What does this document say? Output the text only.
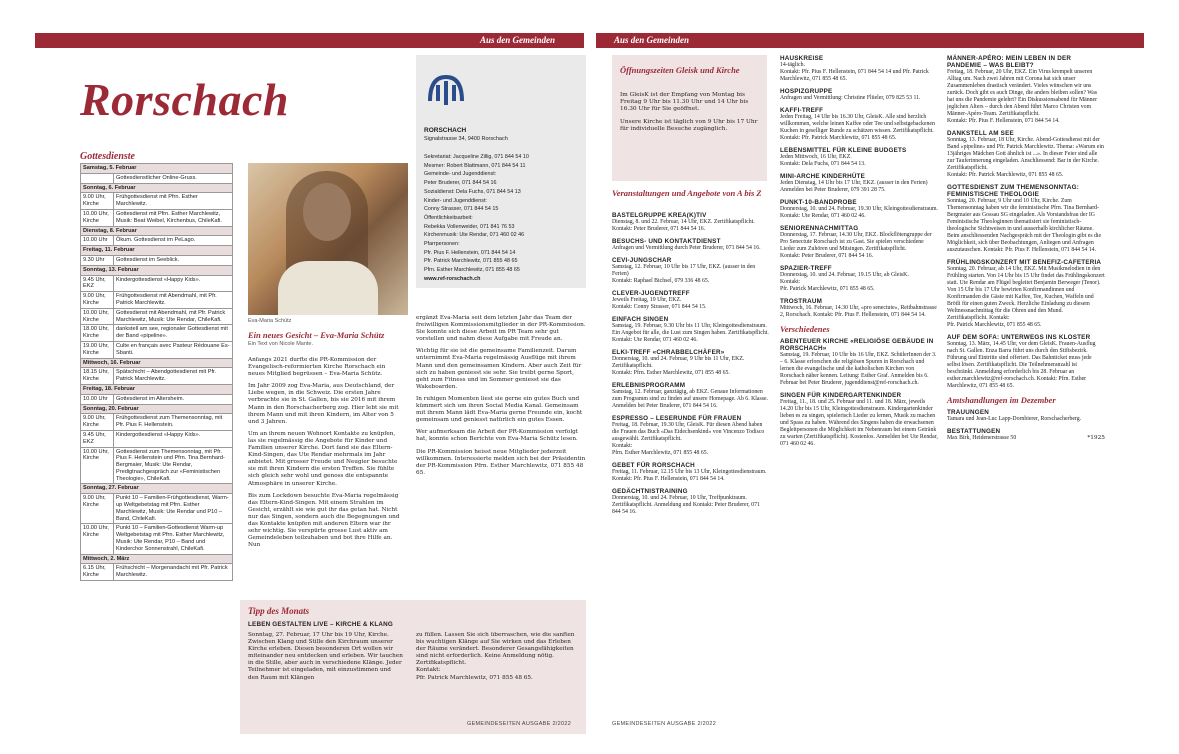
Aus den Gemeinden	Aus den Gemeinden
Rorschach
Gottesdienste
Samstag, 5. Februar	
	Gottesdienstlicher Online-Gruss.
Sonntag, 6. Februar	
9.00 Uhr, Kirche	Frühgottesdienst mit Pfrn. Esther Marchlewitz.
10.00 Uhr, Kirche	Gottesdienst mit Pfrn. Esther Marchlewitz, Musik: Beat Weibel, Kirchenbus, ChileKafi.
Dienstag, 8. Februar	
10.00 Uhr	Ökum. Gottesdienst im PeLago.
Freitag, 11. Februar	
9.30 Uhr	Gottesdienst im Seeblick.
Sonntag, 13. Februar	
9.45 Uhr, EKZ	Kindergottesdienst «Happy Kids».
9.00 Uhr, Kirche	Frühgottesdienst mit Abendmahl, mit Pfr. Patrick Marchlewitz.
10.00 Uhr, Kirche	Gottesdienst mit Abendmahl, mit Pfr. Patrick Marchlewitz, Musik: Ute Rendar, ChileKafi.
18.00 Uhr, Kirche	dankstell am see, regionaler Gottesdienst mit der Band «pipeline».
19.00 Uhr, Kirche	Culte en français avec Pasteur Rédouane Es-Sbanti.
Mittwoch, 16. Februar	
18.15 Uhr, Kirche	Spätschicht – Abendgottesdienst mit Pfr. Patrick Marchlewitz.
Freitag, 18. Februar	
10.00 Uhr	Gottesdienst im Altersheim.
Sonntag, 20. Februar	
9.00 Uhr, Kirche	Frühgottesdienst zum Themensonntag, mit Pfr. Pius F. Hellenstein.
9.45 Uhr, EKZ	Kindergottesdienst «Happy Kids».
10.00 Uhr, Kirche	Gottesdienst zum Themensonntag, mit Pfr. Pius F. Hellenstein und Pfrn. Tina Bernhard-Bergmaier, Musik: Ute Rendar, Predigtnachgespräch zur «Feministischen Theologie», ChileKafi.
Sonntag, 27. Februar	
9.00 Uhr, Kirche	Punkt 10 – Familien-Frühgottesdienst, Warm-up Weltgebetstag mit Pfrn. Esther Marchlewitz, Musik: Ute Rendar und P10 – Band, ChileKafi.
10.00 Uhr, Kirche	Punkt 10 – Familien-Gottesdienst Warm-up Weltgebetstag mit Pfrn. Esther Marchlewitz, Musik: Ute Rendar, P10 – Band und Kinderchor Sonnenstrahl, ChileKafi.
Mittwoch, 2. März	
6.15 Uhr, Kirche	Frühschicht – Morgenandacht mit Pfr. Patrick Marchlewitz.
Eva-Maria Schütz
RORSCHACH
Signalstrasse 34, 9400 Rorschach
Sekretariat: Jacqueline Zillig, 071 844 54 10
Mesmer: Robert Blattmann, 071 844 54 11
Gemeinde- und Jugenddienst:
Peter Bruderer, 071 844 54 16
Sozialdienst: Dela Fuchs, 071 844 54 13
Kinder- und Jugenddienst:
Conny Strasser, 071 844 54 15
Öffentlichkeitsarbeit:
Rebekka Vollenweider, 071 841 76 53
Kirchenmusik: Ute Rendar, 071 460 02 46
Pfarrpersonen:
Pfr. Pius F. Hellenstein, 071 844 54 14
Pfr. Patrick Marchlewitz, 071 855 48 65
Pfrn. Esther Marchlewitz, 071 855 48 65
www.ref-rorschach.ch
Öffnungszeiten Gleisk und Kirche

Im GleisK ist der Empfang von Montag bis Freitag 9 Uhr bis 11.30 Uhr und 14 Uhr bis 16.30 Uhr für Sie geöffnet.

Unsere Kirche ist täglich von 9 Uhr bis 17 Uhr für individuelle Besuche zugänglich.

Ein neues Gesicht – Eva-Maria Schütz
Ein Text von Nicole Mante.

Anfangs 2021 durfte die PR-Kommission der Evangelisch-reformierten Kirche Rorschach ein neues Mitglied begrüssen – Eva-Maria Schütz.

Im Jahr 2009 zog Eva-Maria, aus Deutschland, der Liebe wegen, in die Schweiz. Die ersten Jahre verbrachte sie in St. Gallen, bis sie 2016 mit ihrem Mann in den Rorschacherberg zog. Hier lebt sie mit ihrem Mann und mit ihren Kindern, im Alter von 5 und 3 Jahren.

Um an ihrem neuen Wohnort Kontakte zu knüpfen, las sie regelmässig die Angebote für Kinder und Familien unserer Kirche. Dort fand sie das Eltern-Kind-Singen, das Ute Rendar mehrmals im Jahr anbietet. Mit grosser Freude und Neugier besuchte sie mit ihren Kindern die ersten Treffen. Sie fühlte sich gleich sehr wohl und genoss die entspannte Atmosphäre in unserer Kirche.

Bis zum Lockdown besuchte Eva-Maria regelmässig das Eltern-Kind-Singen. Mit einem Strahlen im Gesicht, erzählt sie wie gut ihr das getan hat. Nicht nur das Singen, sondern auch die Begegnungen und das Kontakte knüpfen mit anderen Eltern war ihr sehr wichtig. Sie verspürte grosse Lust aktiv am Gemeindeleben teilzuhaben und bot ihre Hilfe an. Nun

ergänzt Eva-Maria seit dem letzten Jahr das Team der freiwilligen Kommissionsmitglieder in der PR-Kommission. Sie konnte sich diese Arbeit im PR Team sehr gut vorstellen und nahm diese Aufgabe mit Freude an.

Wichtig für sie ist die gemeinsame Familienzeit. Darum unternimmt Eva-Maria regelmässig Ausflüge mit ihrem Mann und den gemeinsamen Kindern. Aber auch Zeit für sich zu haben geniesst sie sehr. Sie treibt gerne Sport, geht zum Fitness und im Sommer geniesst sie das Wakeboarden.

In ruhigen Momenten liest sie gerne ein gutes Buch und kümmert sich um ihren Social Media Kanal. Gemeinsam mit ihrem Mann lädt Eva-Maria gerne Freunde ein, kocht gemeinsam und geniesst natürlich ein gutes Essen.

Wer aufmerksam die Arbeit der PR-Kommission verfolgt hat, konnte schon Berichte von Eva-Maria Schütz lesen.

Die PR-Kommission heisst neue Mitglieder jederzeit willkommen. Interessierte melden sich bei der Präsidentin der PR-Kommission Pfrn. Esther Marchlewitz, 071 855 48 65.

Tipp des Monats
LEBEN GESTALTEN LIVE – KIRCHE & KLANG
Sonntag, 27. Februar, 17 Uhr bis 19 Uhr, Kirche. Zwischen Klang und Stille den Kirchraum unserer Kirche erleben. Diesen besonderen Ort wollen wir miteinander neu entdecken und erleben. Wir tauchen in die Stille, aber auch in verschiedene Klänge. Jeder Teilnehmer ist eingeladen, mit einzustimmen und den Raum mit Klängen
zu füllen. Lassen Sie sich überraschen, wie die sanften bis wuchtigen Klänge auf Sie wirken und das Erleben der Räume verändert. Besonderer Gesangsfähigkeiten sind nicht erforderlich. Keine Anmeldung nötig. Zertifikatspflicht.
Kontakt:
Pfr. Patrick Marchlewitz, 071 855 48 65.
Veranstaltungen und Angebote von A bis Z
BASTELGRUPPE KREA(K)TIV
Dienstag, 8. und 22. Februar, 14 Uhr, EKZ. Zertifikatspflicht.
Kontakt: Peter Bruderer, 071 844 54 16.
BESUCHS- UND KONTAKTDIENST
Anfragen und Vermittlung durch Peter Bruderer, 071 844 54 16.
CEVI-JUNGSCHAR
Samstag, 12. Februar, 10 Uhr bis 17 Uhr, EKZ. (ausser in den Ferien)
Kontakt: Raphael Bichsel, 079 336 48 65.
CLEVER-JUGENDTREFF
Jeweils Freitag, 19 Uhr, EKZ.
Kontakt: Conny Strasser, 071 844 54 15.
EINFACH SINGEN
Samstag, 19. Februar, 9.30 Uhr bis 11 Uhr, Kleingottesdienstraum. Ein Angebot für alle, die Lust zum Singen haben. Zertifikatspflicht.
Kontakt: Ute Rendar, 071 460 02 46.
ELKI-TREFF «CHRABBELCHÄFER»
Donnerstag, 10. und 24. Februar, 9 Uhr bis 11 Uhr, EKZ. Zertifikatspflicht.
Kontakt: Pfrn. Esther Marchlewitz, 071 855 48 65.
ERLEBNISPROGRAMM
Samstag, 12. Februar, ganztägig, ab EKZ. Genaue Informationen zum Programm sind zu finden auf unsere Homepage. Ab 6. Klasse.
Anmelden bei Peter Bruderer, 071 844 54 16.
ESPRESSO – LESERUNDE FÜR FRAUEN
Freitag, 18. Februar, 19.30 Uhr, GleisK. Für diesen Abend haben die Frauen das Buch «Das Eidechsenkind» von Vincenzo Todisco ausgewählt. Zertifikatspflicht.
Kontakt:
Pfrn. Esther Marchlewitz, 071 855 48 65.
GEBET FÜR RORSCHACH
Freitag, 11. Februar, 12.15 Uhr bis 13 Uhr, Kleingottesdienstraum.
Kontakt: Pfr. Pius F. Hellenstein, 071 844 54 14.
GEDÄCHTNISTRAINING
Donnerstag, 10. und 24. Februar, 10 Uhr, Treffpunktraum. Zertifikatspflicht. Anmeldung und Kontakt: Peter Bruderer, 071 844 54 16.
HAUSKREISE
14-täglich.
Kontakt: Pfr. Pius F. Hellenstein, 071 844 54 14 und Pfr. Patrick Marchlewitz, 071 855 48 65.
HOSPIZGRUPPE
Anfragen und Vermittlung: Christine Flüeler, 079 825 53 11.
KAFFI-TREFF
Jeden Freitag, 14 Uhr bis 16.30 Uhr, GleisK. Alle sind herzlich willkommen, welche leinen Kaffee oder Tee und selbstgebackenen Kuchen in geselliger Runde zu schätzen wissen. Zertifikatspflicht. Kontakt: Pfr. Patrick Marchlewitz, 071 855 48 65.
LEBENSMITTEL FÜR KLEINE BUDGETS
Jeden Mittwoch, 16 Uhr, EKZ.
Kontakt: Dela Fuchs, 071 844 54 13.
MINI-ARCHE KINDERHÜTE
Jeden Dienstag, 14 Uhr bis 17 Uhr, EKZ. (ausser in den Ferien)
Anmelden bei Peter Bruderer, 079 391 28 75.
PUNKT-10-BANDPROBE
Donnerstag, 10. und 24. Februar, 19.30 Uhr, Kleingottesdienstraum.
Kontakt: Ute Rendar, 071 460 02 46.
SENIORENNACHMITTAG
Donnerstag, 17. Februar, 14.30 Uhr, EKZ. Blockflötengruppe der Pro Senectute Rorschach ist zu Gast. Sie spielen verschiedene Lieder zum Zuhören und Mitsingen. Zertifikatspflicht.
Kontakt: Peter Bruderer, 071 844 54 16.
SPAZIER-TREFF
Donnerstag, 10. und 24. Februar, 19.15 Uhr, ab GleisK.
Kontakt:
Pfr. Patrick Marchlewitz, 071 855 48 65.
TROSTRAUM
Mittwoch, 16. Februar, 14.30 Uhr, «pro senectute», Reitbahnstrasse 2, Rorschach. Kontakt: Pfr. Pius F. Hellenstein, 071 844 54 14.
Verschiedenes
ABENTEUER KIRCHE «RELIGIÖSE GEBÄUDE IN RORSCHACH»
Samstag, 19. Februar, 10 Uhr bis 16 Uhr, EKZ. SchülerInnen der 3. – 6. Klasse erforschen die religiösen Spuren in Rorschach und lernen die evangelische und die katholischen Kirchen von Rorschach näher kennen. Leitung: Esther Graf. Anmelden bis 6. Februar bei Peter Bruderer, jugenddienst@ref-rorschach.ch.
SINGEN FÜR KINDERGARTENKINDER
Freitag, 11., 18. und 25. Februar und 11. und 18. März, jeweils 14.20 Uhr bis 15 Uhr, Kleingottesdienstraum. Kindergartenkinder lieben es zu singen, spielerisch Lieder zu lernen, Musik zu machen und Spass zu haben. Während des Singens haben die erwachsenen Begleitpersonen die Möglichkeit im Nebenraum bei einem Getränk zu warten (Zertifikatspflicht). Kostenlos. Anmelden bei Ute Rendar, 071 460 02 46.
MÄNNER-APÉRO: MEIN LEBEN IN DER PANDEMIE – WAS BLEIBT?
Freitag, 18. Februar, 20 Uhr, EKZ. Ein Virus krempelt unseren Alltag um. Nach zwei Jahren mit Corona hat sich unser Zusammenleben drastisch verändert. Vieles wünschen wir uns zurück. Doch gibt es auch Dinge, die anders bleiben sollen? Was hat uns die Pandemie gelehrt? Ein Diskussionsabend für Männer jeglichen Alters – durch den Abend führt Marco Christen vom Männer-Apéro-Team. Zertifikatspflicht.
Kontakt: Pfr. Pius F. Hellenstein, 071 844 54 14.
DANKSTELL AM SEE
Sonntag, 13. Februar, 18 Uhr, Kirche. Abend-Gottesdienst mit der Band «pipeline» und Pfr. Patrick Marchlewitz. Thema: «Warum ein 13jähriges Mädchen Gott ähnlich ist ...». In dieser Feier sind alle zur Tauferinnerung eingeladen. Anschliessend: Bar in der Kirche. Zertifikatspflicht.
Kontakt: Pfr. Patrick Marchlewitz, 071 855 48 65.
GOTTESDIENST ZUM THEMENSONNTAG: FEMINISTISCHE THEOLOGIE
Sonntag, 20. Februar, 9 Uhr und 10 Uhr, Kirche. Zum Themensonntag haben wir die feministische Pfrn. Tina Bernhard-Bergmaier aus Gossau SG eingeladen. Als Vorstandsfrau der IG Feministische Theologinnen thematisiert sie feministisch-theologische Sichtweisen in und ausserhalb kirchlicher Räume. Beim anschliessenden Nachgespräch mit der Theologin gibt es die Möglichkeit, sich über Beobachtungen, Anliegen und Anfragen auszutauschen. Kontakt: Pfr. Pius F. Hellenstein, 071 844 54 14.
FRÜHLINGSKONZERT MIT BENEFIZ-CAFETERIA
Sonntag, 20. Februar, ab 14 Uhr, EKZ. Mit Musikmelodien in den Frühling starten. Von 14 Uhr bis 15 Uhr findet das Frühlingskonzert statt. Ute Rendar am Flügel begleitet Benjamin Berweger (Tenor). Von 15 Uhr bis 17 Uhr bewirten Konfirmandinnen und Konfirmanden die Gäste mit Kaffee, Tee, Kuchen, Waffeln und Brötli für einen guten Zweck. Herzliche Einladung zu diesem Weltnessnachmittag für die Ohren und den Mund. Zertifikatspflicht. Kontakt:
Pfr. Patrick Marchlewitz, 071 855 48 65.
AUF DEM SOFA: UNTERWEGS INS KLOSTER
Sonntag, 13. März, 14.45 Uhr, vor dem GleisK. Frauen-Ausflug nach St. Gallen. Enza Barra führt uns durch den Stiftsbezirk. Führung und Eintritte sind offeriert. Das Bahnticket muss jede selbst lösen. Zertifikatspflicht. Die Teilnehmeranzahl ist beschränkt. Anmeldung erforderlich bis 28. Februar an esther.marchlewitz@ref-rorschach.ch. Kontakt: Pfrn. Esther Marchlewitz, 071 855 48 65.
Amtshandlungen im Dezember
TRAUUNGEN
Tamara und Jean-Luc Lapp-Dornbierer, Rorschacherberg.
BESTATTUNGEN
Max Birk, Heidenerstrasse 50	*1925
GEMEINDESEITEN AUSGABE 2/2022	GEMEINDESEITEN AUSGABE 2/2022
